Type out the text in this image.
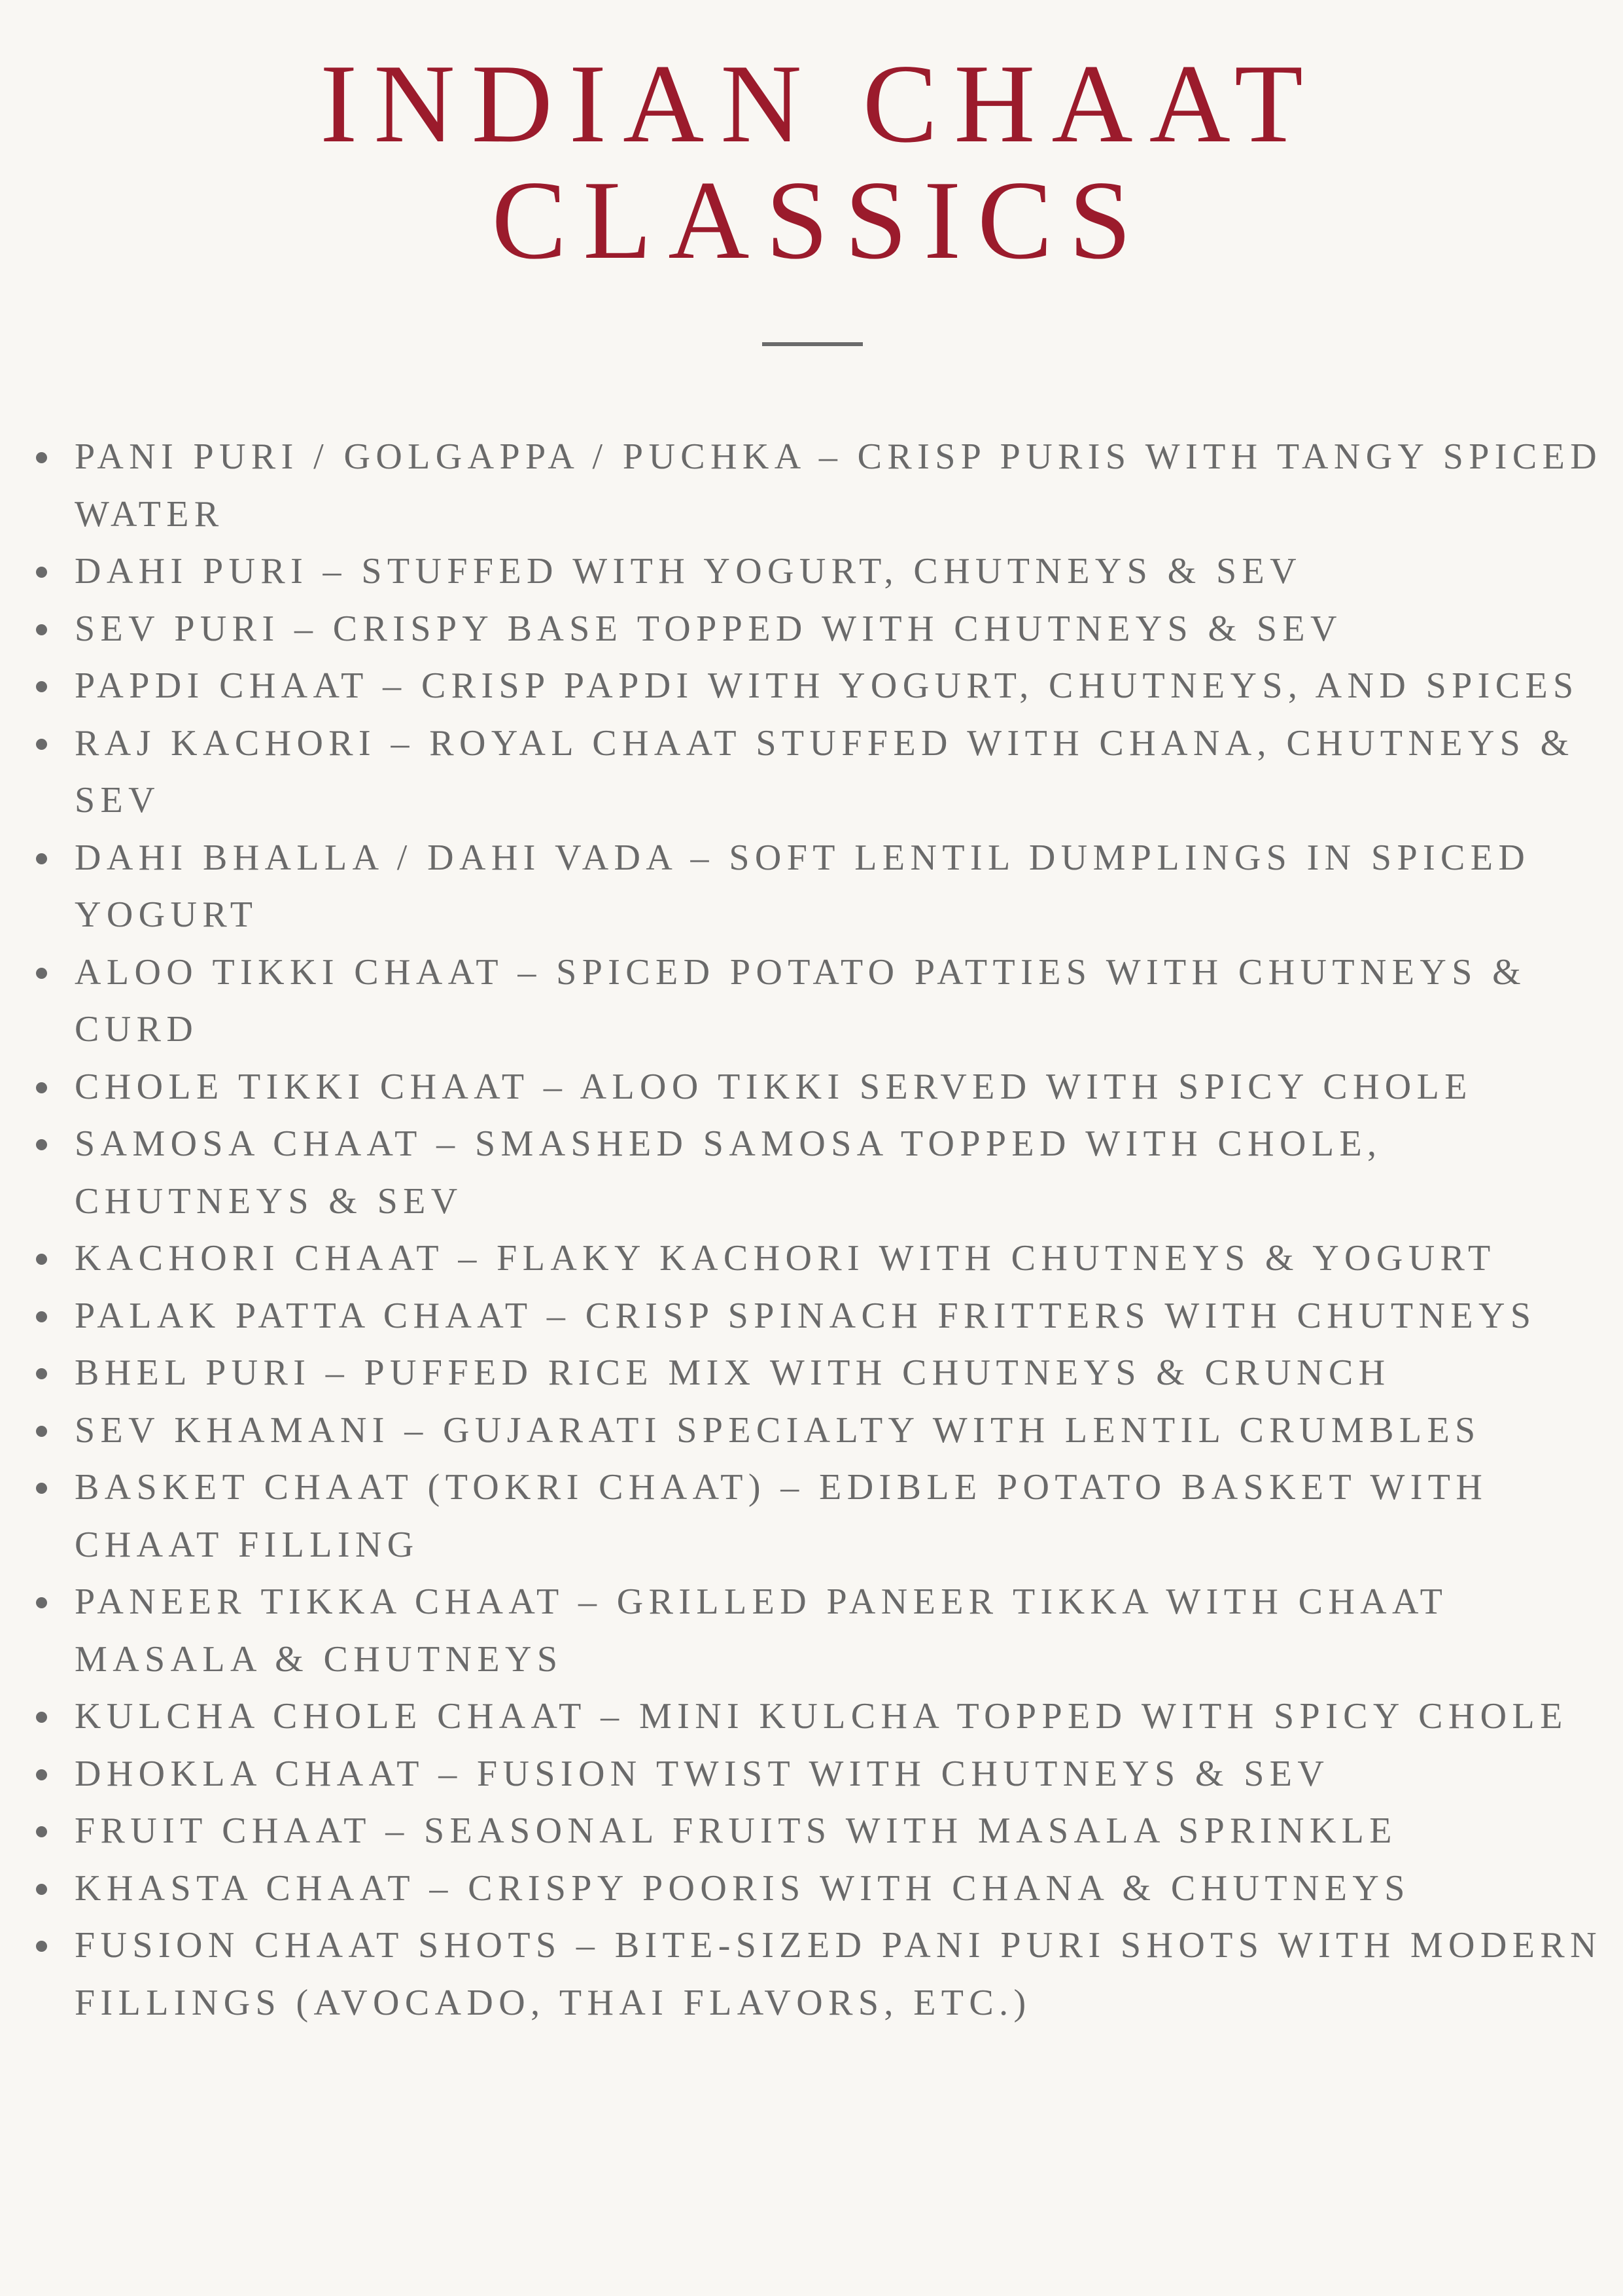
INDIAN CHAAT
CLASSICS
PANI PURI / GOLGAPPA / PUCHKA – CRISP PURIS WITH TANGY SPICED WATER
DAHI PURI – STUFFED WITH YOGURT, CHUTNEYS & SEV
SEV PURI – CRISPY BASE TOPPED WITH CHUTNEYS & SEV
PAPDI CHAAT – CRISP PAPDI WITH YOGURT, CHUTNEYS, AND SPICES
RAJ KACHORI – ROYAL CHAAT STUFFED WITH CHANA, CHUTNEYS & SEV
DAHI BHALLA / DAHI VADA – SOFT LENTIL DUMPLINGS IN SPICED YOGURT
ALOO TIKKI CHAAT – SPICED POTATO PATTIES WITH CHUTNEYS & CURD
CHOLE TIKKI CHAAT – ALOO TIKKI SERVED WITH SPICY CHOLE
SAMOSA CHAAT – SMASHED SAMOSA TOPPED WITH CHOLE, CHUTNEYS & SEV
KACHORI CHAAT – FLAKY KACHORI WITH CHUTNEYS & YOGURT
PALAK PATTA CHAAT – CRISP SPINACH FRITTERS WITH CHUTNEYS
BHEL PURI – PUFFED RICE MIX WITH CHUTNEYS & CRUNCH
SEV KHAMANI – GUJARATI SPECIALTY WITH LENTIL CRUMBLES
BASKET CHAAT (TOKRI CHAAT) – EDIBLE POTATO BASKET WITH CHAAT FILLING
PANEER TIKKA CHAAT – GRILLED PANEER TIKKA WITH CHAAT MASALA & CHUTNEYS
KULCHA CHOLE CHAAT – MINI KULCHA TOPPED WITH SPICY CHOLE
DHOKLA CHAAT – FUSION TWIST WITH CHUTNEYS & SEV
FRUIT CHAAT – SEASONAL FRUITS WITH MASALA SPRINKLE
KHASTA CHAAT – CRISPY POORIS WITH CHANA & CHUTNEYS
FUSION CHAAT SHOTS – BITE-SIZED PANI PURI SHOTS WITH MODERN FILLINGS (AVOCADO, THAI FLAVORS, ETC.)
